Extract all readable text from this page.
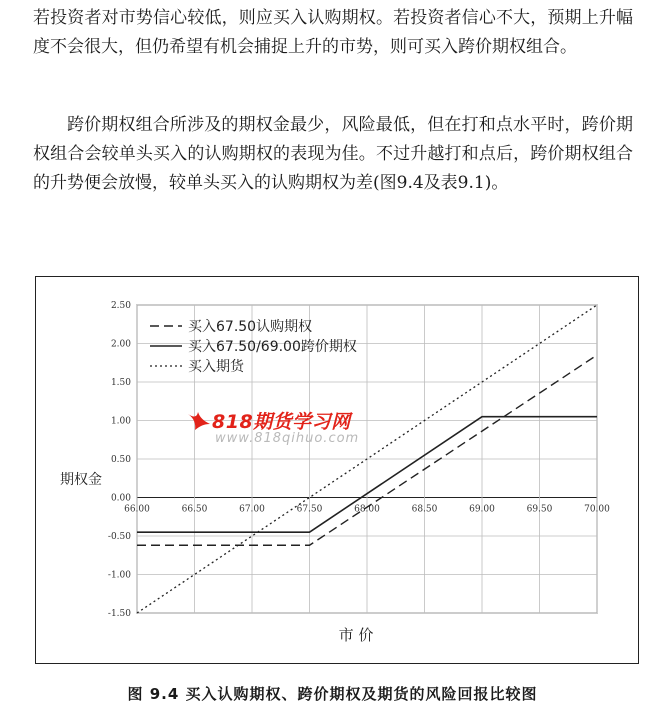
若投资者对市势信心较低，则应买入认购期权。若投资者信心不大，预期上升幅度不会很大，但仍希望有机会捕捉上升的市势，则可买入跨价期权组合。

跨价期权组合所涉及的期权金最少，风险最低，但在打和点水平时，跨价期权组合会较单头买入的认购期权的表现为佳。不过升越打和点后，跨价期权组合的升势便会放慢，较单头买入的认购期权为差(图9.4及表9.1)。

2.50
2.00
1.50
1.00
0.50
0.00
-0.50
-1.00
-1.50
66.00	66.50	67.00	67.50	68.00	68.50	69.00	69.50	70.00
买入67.50认购期权
买入67.50/69.00跨价期权
买入期货
期权金
市 价
818期货学习网
www.818qihuo.com
图 9.4 买入认购期权、跨价期权及期货的风险回报比较图
